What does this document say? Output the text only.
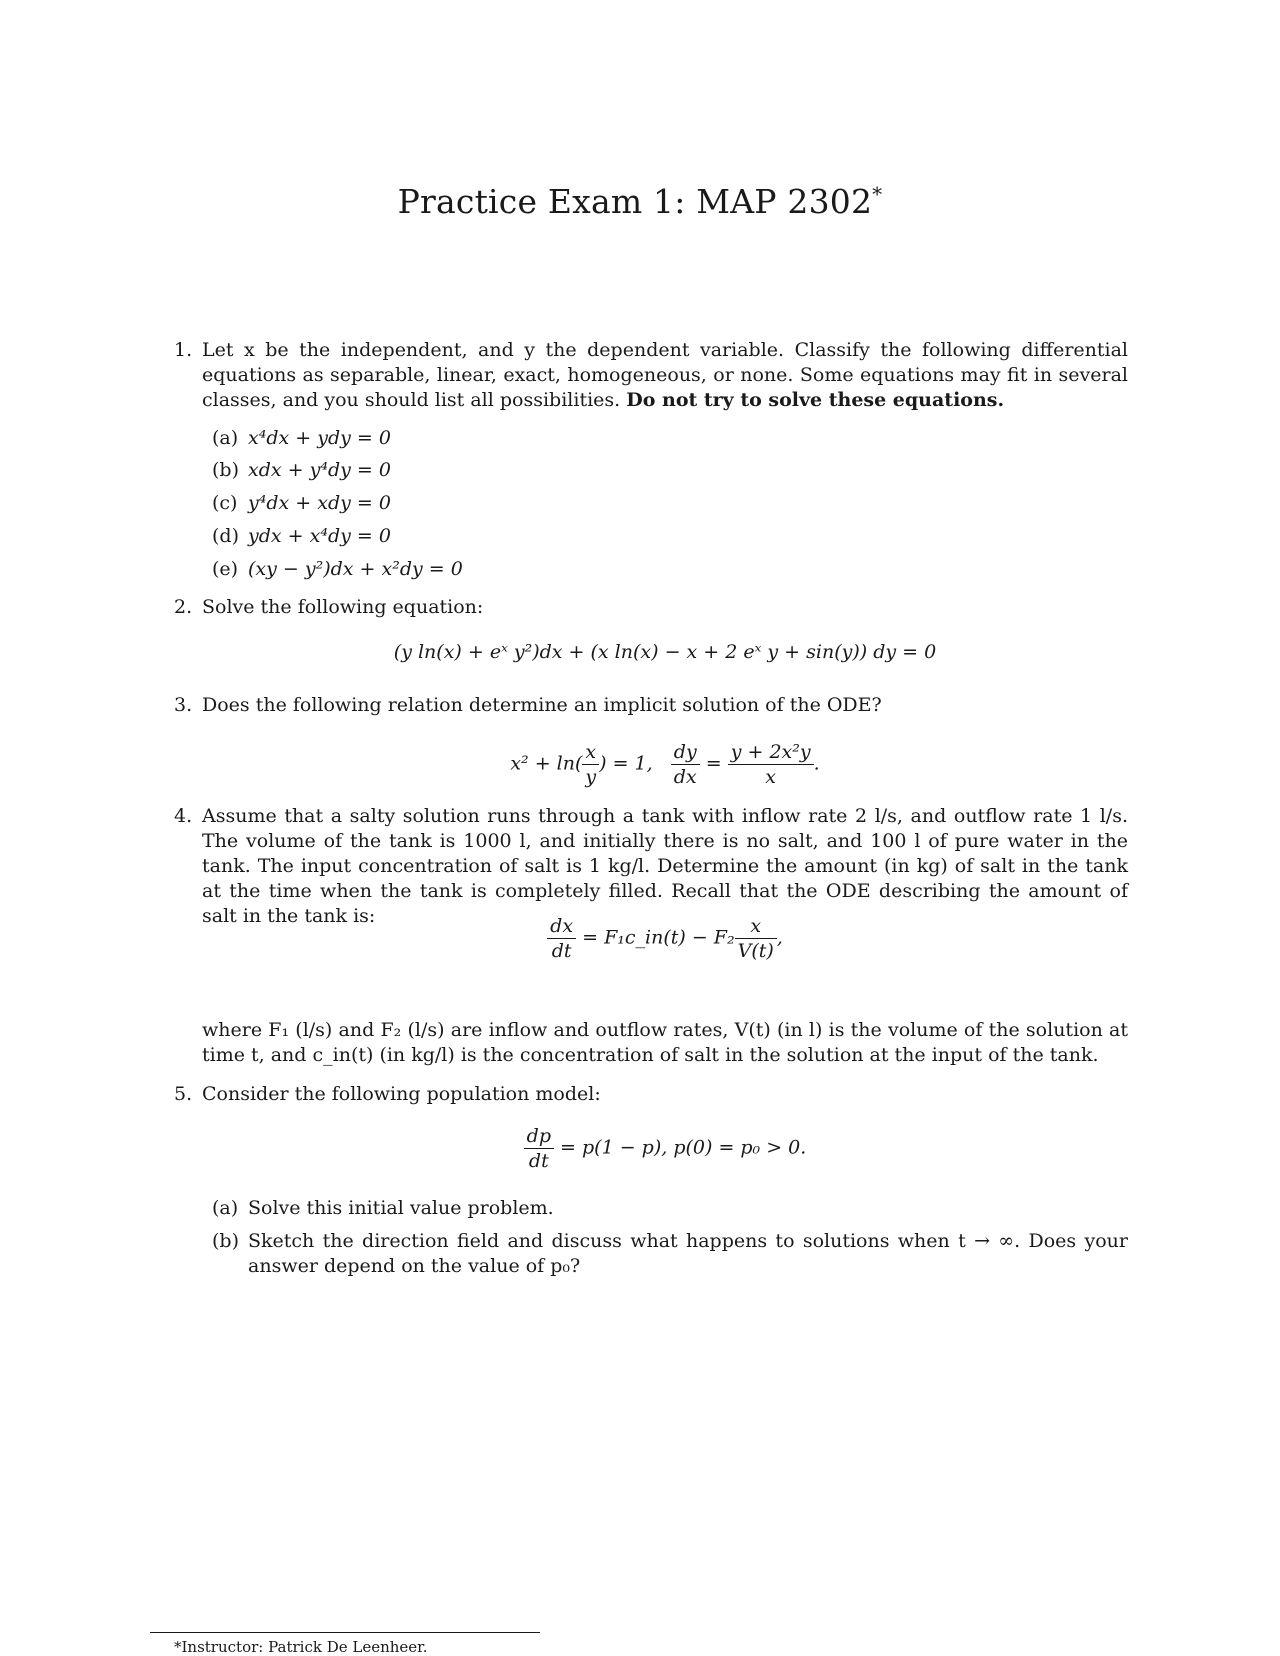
Practice Exam 1: MAP 2302*
1. Let x be the independent, and y the dependent variable. Classify the following differential equations as separable, linear, exact, homogeneous, or none. Some equations may fit in several classes, and you should list all possibilities. Do not try to solve these equations.
(a) x⁴dx + ydy = 0
(b) xdx + y⁴dy = 0
(c) y⁴dx + xdy = 0
(d) ydx + x⁴dy = 0
(e) (xy − y²)dx + x²dy = 0
2. Solve the following equation:
(y ln(x) + eˣ y²)dx + (x ln(x) − x + 2 eˣ y + sin(y)) dy = 0
3. Does the following relation determine an implicit solution of the ODE?
$x^2 + \ln( \frac{x}{y}$ ) = 1, $\frac{dy}{dx} = \frac{\text{y + 2x²y}}{x}$ .
4. Assume that a salty solution runs through a tank with inflow rate 2 l/s, and outflow rate 1 l/s. The volume of the tank is 1000 l, and initially there is no salt, and 100 l of pure water in the tank. The input concentration of salt is 1 kg/l. Determine the amount (in kg) of salt in the tank at the time when the tank is completely filled. Recall that the ODE describing the amount of salt in the tank is:	$\frac{dx}{dt}$ = F₁c_in(t) − $F_2 \frac{x}{V(t)}$ ,
where F₁ (l/s) and F₂ (l/s) are inflow and outflow rates, V(t) (in l) is the volume of the solution at time t, and c_in(t) (in kg/l) is the concentration of salt in the solution at the input of the tank.
5. Consider the following population model:
$\frac{dp}{dt} = p(1 - p)$, p(0) = p₀ > 0.
(a) Solve this initial value problem.
(b) Sketch the direction field and discuss what happens to solutions when t → ∞. Does your answer depend on the value of p₀?
*Instructor: Patrick De Leenheer.
